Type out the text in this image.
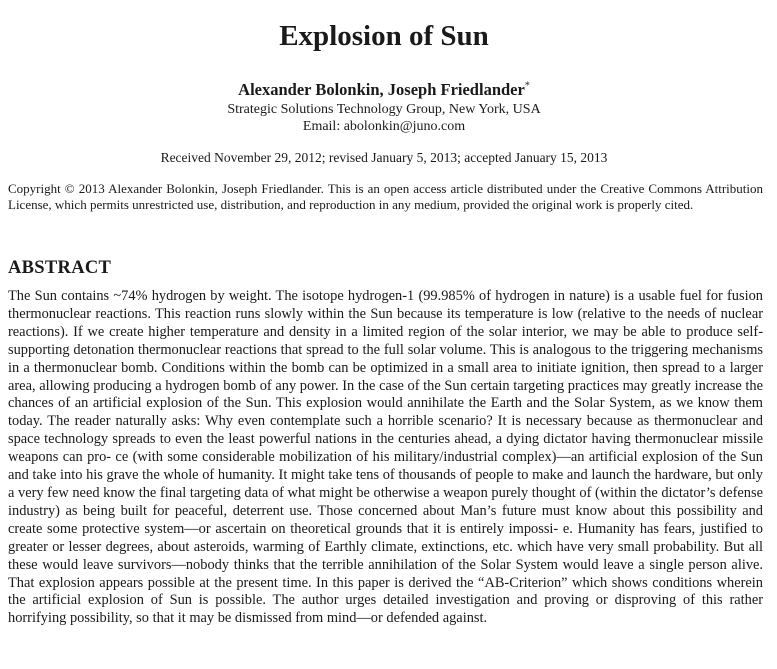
Explosion of Sun
Alexander Bolonkin, Joseph Friedlander*
Strategic Solutions Technology Group, New York, USA
Email: abolonkin@juno.com
Received November 29, 2012; revised January 5, 2013; accepted January 15, 2013
Copyright © 2013 Alexander Bolonkin, Joseph Friedlander. This is an open access article distributed under the Creative Commons Attribution License, which permits unrestricted use, distribution, and reproduction in any medium, provided the original work is properly cited.
ABSTRACT
The Sun contains ~74% hydrogen by weight. The isotope hydrogen-1 (99.985% of hydrogen in nature) is a usable fuel for fusion thermonuclear reactions. This reaction runs slowly within the Sun because its temperature is low (relative to the needs of nuclear reactions). If we create higher temperature and density in a limited region of the solar interior, we may be able to produce self-supporting detonation thermonuclear reactions that spread to the full solar volume. This is analogous to the triggering mechanisms in a thermonuclear bomb. Conditions within the bomb can be optimized in a small area to initiate ignition, then spread to a larger area, allowing producing a hydrogen bomb of any power. In the case of the Sun certain targeting practices may greatly increase the chances of an artificial explosion of the Sun. This explosion would annihilate the Earth and the Solar System, as we know them today. The reader naturally asks: Why even contemplate such a horrible scenario? It is necessary because as thermonuclear and space technology spreads to even the least powerful nations in the centuries ahead, a dying dictator having thermonuclear missile weapons can pro- ce (with some considerable mobilization of his military/industrial complex)—an artificial explosion of the Sun and take into his grave the whole of humanity. It might take tens of thousands of people to make and launch the hardware, but only a very few need know the final targeting data of what might be otherwise a weapon purely thought of (within the dictator’s defense industry) as being built for peaceful, deterrent use. Those concerned about Man’s future must know about this possibility and create some protective system—or ascertain on theoretical grounds that it is entirely impossi- e. Humanity has fears, justified to greater or lesser degrees, about asteroids, warming of Earthly climate, extinctions, etc. which have very small probability. But all these would leave survivors—nobody thinks that the terrible annihilation of the Solar System would leave a single person alive. That explosion appears possible at the present time. In this paper is derived the “AB-Criterion” which shows conditions wherein the artificial explosion of Sun is possible. The author urges detailed investigation and proving or disproving of this rather horrifying possibility, so that it may be dismissed from mind—or defended against.
